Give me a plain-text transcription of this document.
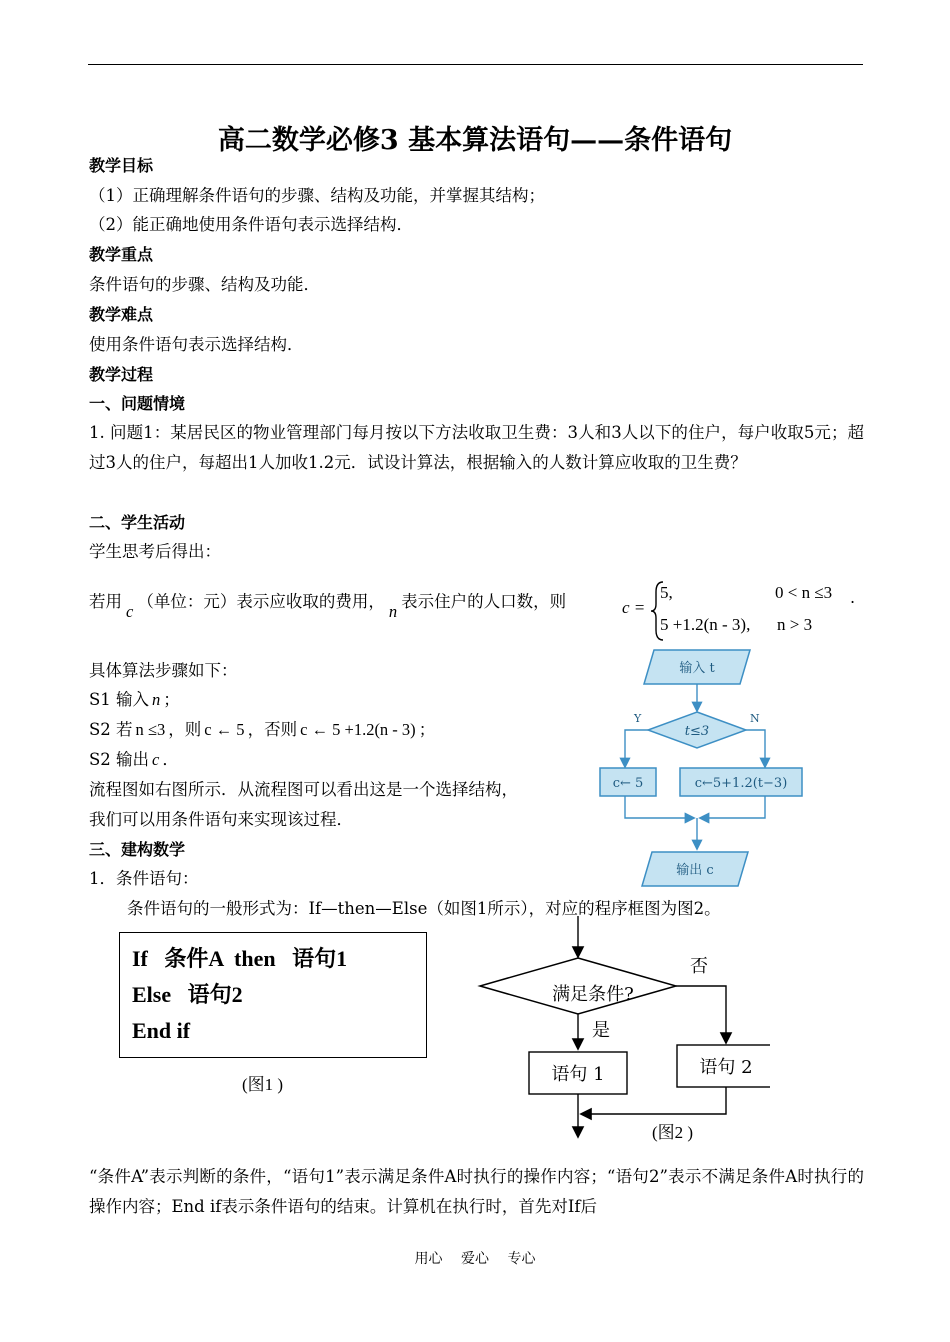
高二数学必修3 基本算法语句——条件语句
教学目标
（1）正确理解条件语句的步骤、结构及功能，并掌握其结构；
（2）能正确地使用条件语句表示选择结构．
教学重点
条件语句的步骤、结构及功能．
教学难点
使用条件语句表示选择结构．
教学过程
一、问题情境
1. 问题1：某居民区的物业管理部门每月按以下方法收取卫生费：3人和3人以下的住户，每户收取5元；超过3人的住户，每超出1人加收1.2元．试设计算法，根据输入的人数计算应收取的卫生费？
二、学生活动
学生思考后得出：
若用c（单位：元）表示应收取的费用，n表示住户的人口数，则	c =
5,	0 < n ≤3 .
5 +1.2(n - 3), n > 3
具体算法步骤如下：
S1 输入 n ；
S2 若 n ≤3 ，则 c ← 5 ，否则 c ← 5 +1.2(n - 3) ；
S2 输出 c ．
流程图如右图所示．从流程图可以看出这是一个选择结构，
我们可以用条件语句来实现该过程．
输入 t
t≤3
Y	N
c← 5	c←5+1.2(t−3)
输出 c
三、建构数学
1．条件语句：
条件语句的一般形式为：If—then—Else（如图1所示），对应的程序框图为图2。
If   条件A  then   语句1
Else   语句2
End if
(图1 )
满足条件?
否
是
语句 1	语句 2
(图2 )
“条件A”表示判断的条件，“语句1”表示满足条件A时执行的操作内容；“语句2”表示不满足条件A时执行的操作内容；End if表示条件语句的结束。计算机在执行时，首先对If后
用心 爱心 专心
